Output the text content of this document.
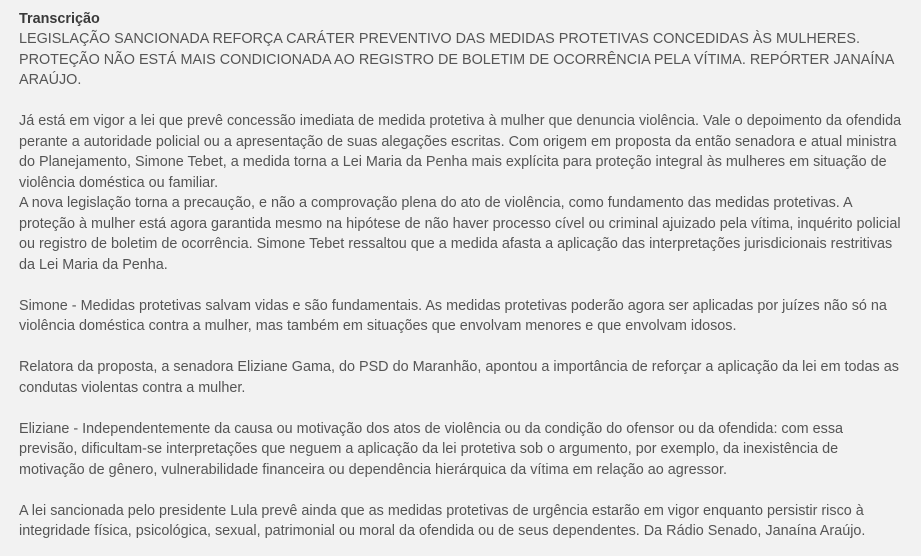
Transcrição

LEGISLAÇÃO SANCIONADA REFORÇA CARÁTER PREVENTIVO DAS MEDIDAS PROTETIVAS CONCEDIDAS ÀS MULHERES. PROTEÇÃO NÃO ESTÁ MAIS CONDICIONADA AO REGISTRO DE BOLETIM DE OCORRÊNCIA PELA VÍTIMA. REPÓRTER JANAÍNA ARAÚJO.

Já está em vigor a lei que prevê concessão imediata de medida protetiva à mulher que denuncia violência. Vale o depoimento da ofendida perante a autoridade policial ou a apresentação de suas alegações escritas. Com origem em proposta da então senadora e atual ministra do Planejamento, Simone Tebet, a medida torna a Lei Maria da Penha mais explícita para proteção integral às mulheres em situação de violência doméstica ou familiar.

A nova legislação torna a precaução, e não a comprovação plena do ato de violência, como fundamento das medidas protetivas. A proteção à mulher está agora garantida mesmo na hipótese de não haver processo cível ou criminal ajuizado pela vítima, inquérito policial ou registro de boletim de ocorrência. Simone Tebet ressaltou que a medida afasta a aplicação das interpretações jurisdicionais restritivas da Lei Maria da Penha.

Simone - Medidas protetivas salvam vidas e são fundamentais. As medidas protetivas poderão agora ser aplicadas por juízes não só na violência doméstica contra a mulher, mas também em situações que envolvam menores e que envolvam idosos.

Relatora da proposta, a senadora Eliziane Gama, do PSD do Maranhão, apontou a importância de reforçar a aplicação da lei em todas as condutas violentas contra a mulher.

Eliziane - Independentemente da causa ou motivação dos atos de violência ou da condição do ofensor ou da ofendida: com essa previsão, dificultam-se interpretações que neguem a aplicação da lei protetiva sob o argumento, por exemplo, da inexistência de motivação de gênero, vulnerabilidade financeira ou dependência hierárquica da vítima em relação ao agressor.

A lei sancionada pelo presidente Lula prevê ainda que as medidas protetivas de urgência estarão em vigor enquanto persistir risco à integridade física, psicológica, sexual, patrimonial ou moral da ofendida ou de seus dependentes. Da Rádio Senado, Janaína Araújo.
